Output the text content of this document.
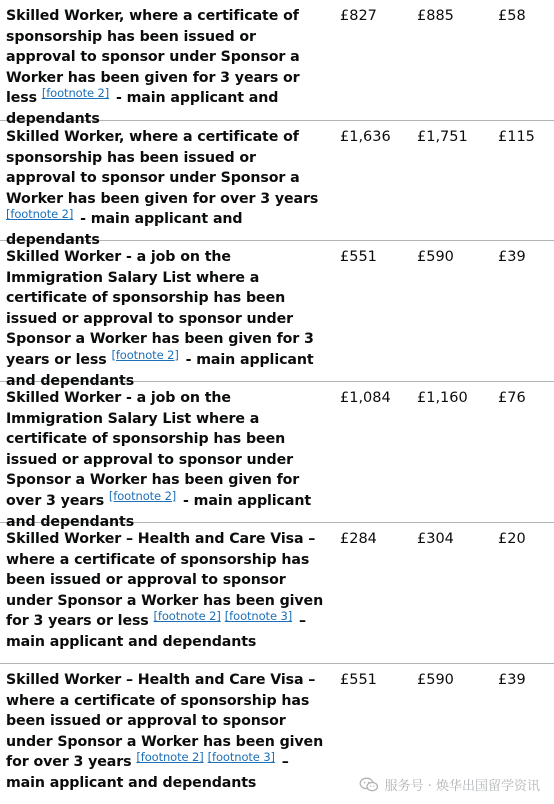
Skilled Worker, where a certificate of sponsorship has been issued or approval to sponsor under Sponsor a Worker has been given for 3 years or less [footnote 2] - main applicant and dependants
£827	£885	£58
Skilled Worker, where a certificate of sponsorship has been issued or approval to sponsor under Sponsor a Worker has been given for over 3 years [footnote 2] - main applicant and dependants
£1,636 £1,751 £115
Skilled Worker - a job on the Immigration Salary List where a certificate of sponsorship has been issued or approval to sponsor under Sponsor a Worker has been given for 3 years or less [footnote 2] - main applicant and dependants
£551	£590	£39
Skilled Worker - a job on the Immigration Salary List where a certificate of sponsorship has been issued or approval to sponsor under Sponsor a Worker has been given for over 3 years [footnote 2] - main applicant and dependants
£1,084 £1,160 £76
Skilled Worker – Health and Care Visa – where a certificate of sponsorship has been issued or approval to sponsor under Sponsor a Worker has been given for 3 years or less [footnote 2] [footnote 3] – main applicant and dependants
£284	£304	£20
Skilled Worker – Health and Care Visa – where a certificate of sponsorship has been issued or approval to sponsor under Sponsor a Worker has been given for over 3 years [footnote 2] [footnote 3] – main applicant and dependants
£551	£590	£39
服务号 · 焕华出国留学资讯
